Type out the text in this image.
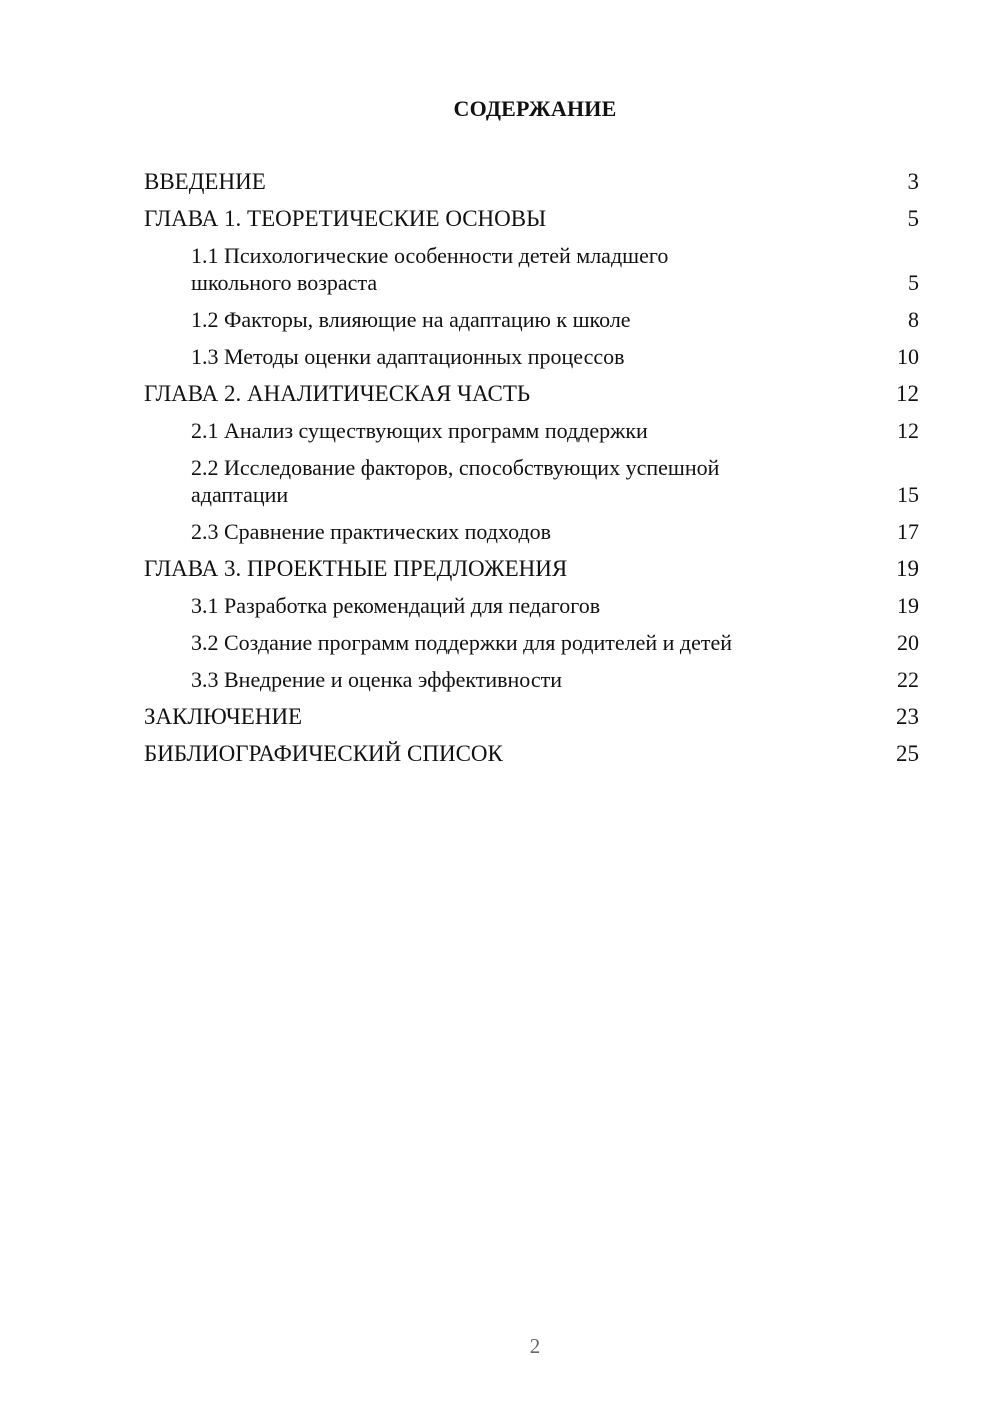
СОДЕРЖАНИЕ
ВВЕДЕНИЕ	3
ГЛАВА 1. ТЕОРЕТИЧЕСКИЕ ОСНОВЫ	5
1.1 Психологические особенности детей младшего школьного возраста	5
1.2 Факторы, влияющие на адаптацию к школе	8
1.3 Методы оценки адаптационных процессов	10
ГЛАВА 2. АНАЛИТИЧЕСКАЯ ЧАСТЬ	12
2.1 Анализ существующих программ поддержки	12
2.2 Исследование факторов, способствующих успешной адаптации	15
2.3 Сравнение практических подходов	17
ГЛАВА 3. ПРОЕКТНЫЕ ПРЕДЛОЖЕНИЯ	19
3.1 Разработка рекомендаций для педагогов	19
3.2 Создание программ поддержки для родителей и детей	20
3.3 Внедрение и оценка эффективности	22
ЗАКЛЮЧЕНИЕ	23
БИБЛИОГРАФИЧЕСКИЙ СПИСОК	25
2
